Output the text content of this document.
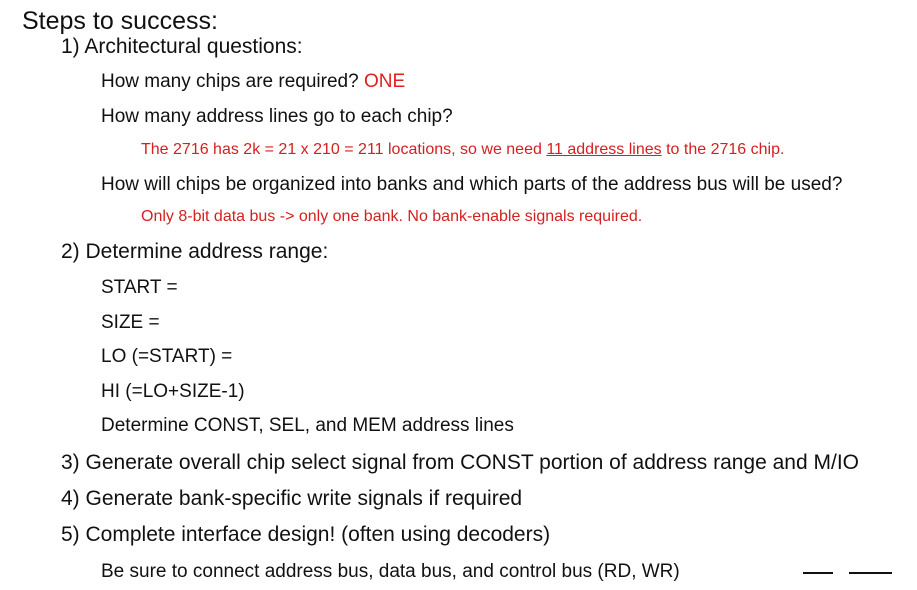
Steps to success:
1) Architectural questions:
How many chips are required? ONE
How many address lines go to each chip?
The 2716 has 2k = 21 x 210 = 211 locations, so we need 11 address lines to the 2716 chip.
How will chips be organized into banks and which parts of the address bus will be used?
Only 8-bit data bus -> only one bank. No bank-enable signals required.
2) Determine address range:
START =
SIZE =
LO (=START) =
HI (=LO+SIZE-1)
Determine CONST, SEL, and MEM address lines
3) Generate overall chip select signal from CONST portion of address range and M/IO
4) Generate bank-specific write signals if required
5) Complete interface design! (often using decoders)
Be sure to connect address bus, data bus, and control bus (RD, WR)
